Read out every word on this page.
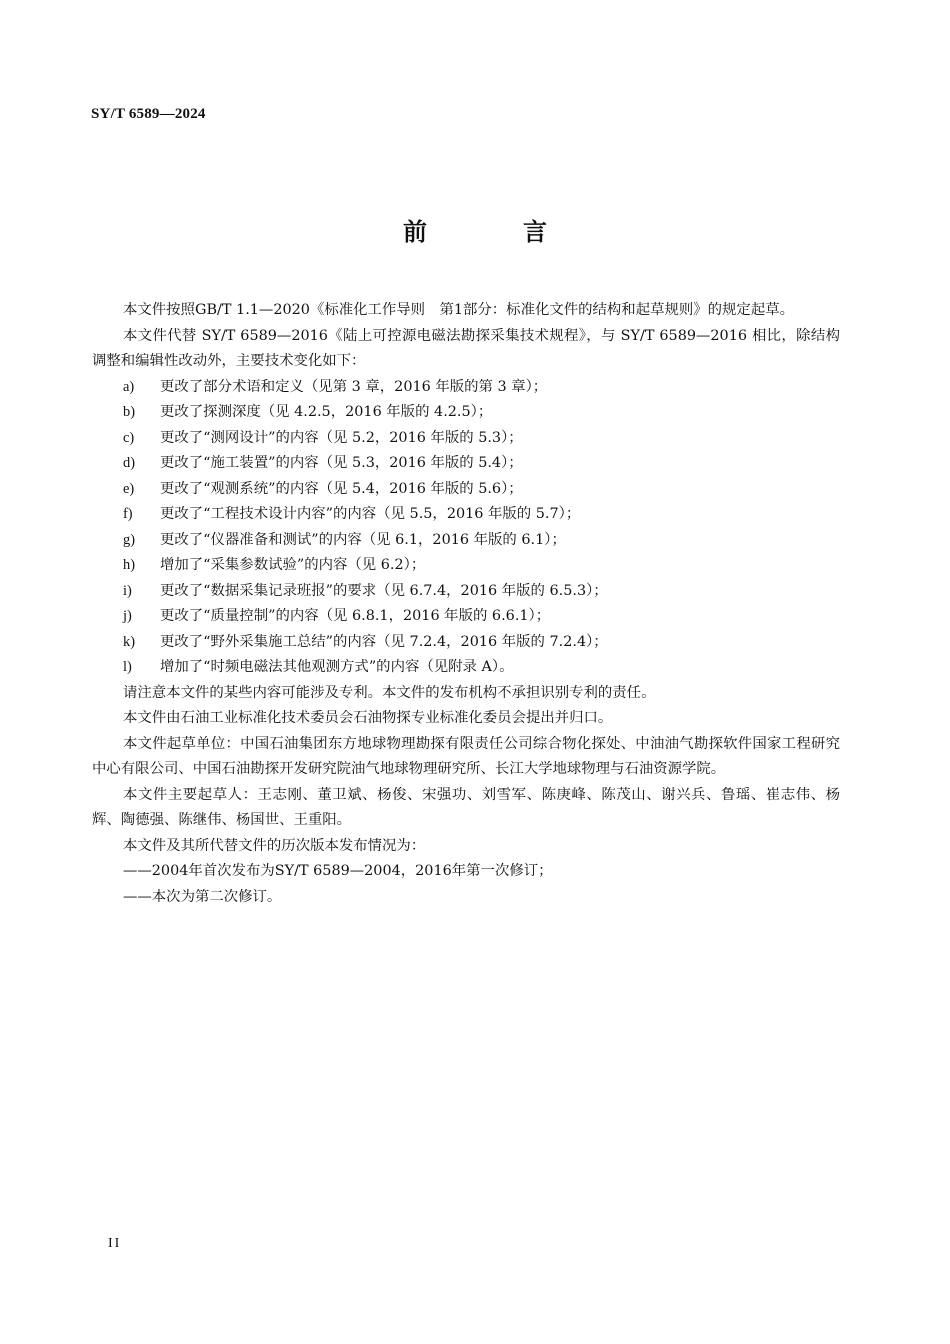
SY/T 6589—2024
前　言

本文件按照GB/T 1.1—2020《标准化工作导则　第1部分：标准化文件的结构和起草规则》的规定起草。

本文件代替 SY/T 6589—2016《陆上可控源电磁法勘探采集技术规程》，与 SY/T 6589—2016 相比，除结构调整和编辑性改动外，主要技术变化如下：

a) 更改了部分术语和定义（见第 3 章，2016 年版的第 3 章）；

b) 更改了探测深度（见 4.2.5，2016 年版的 4.2.5）；

c) 更改了“测网设计”的内容（见 5.2，2016 年版的 5.3）；

d) 更改了“施工装置”的内容（见 5.3，2016 年版的 5.4）；

e) 更改了“观测系统”的内容（见 5.4，2016 年版的 5.6）；

f) 更改了“工程技术设计内容”的内容（见 5.5，2016 年版的 5.7）；

g) 更改了“仪器准备和测试”的内容（见 6.1，2016 年版的 6.1）；

h) 增加了“采集参数试验”的内容（见 6.2）；

i) 更改了“数据采集记录班报”的要求（见 6.7.4，2016 年版的 6.5.3）；

j) 更改了“质量控制”的内容（见 6.8.1，2016 年版的 6.6.1）；

k) 更改了“野外采集施工总结”的内容（见 7.2.4，2016 年版的 7.2.4）；

l) 增加了“时频电磁法其他观测方式”的内容（见附录 A）。

请注意本文件的某些内容可能涉及专利。本文件的发布机构不承担识别专利的责任。

本文件由石油工业标准化技术委员会石油物探专业标准化委员会提出并归口。

本文件起草单位：中国石油集团东方地球物理勘探有限责任公司综合物化探处、中油油气勘探软件国家工程研究中心有限公司、中国石油勘探开发研究院油气地球物理研究所、长江大学地球物理与石油资源学院。

本文件主要起草人：王志刚、董卫斌、杨俊、宋强功、刘雪军、陈庚峰、陈茂山、谢兴兵、鲁瑶、崔志伟、杨辉、陶德强、陈继伟、杨国世、王重阳。

本文件及其所代替文件的历次版本发布情况为：

——2004年首次发布为SY/T 6589—2004，2016年第一次修订；

——本次为第二次修订。

II
